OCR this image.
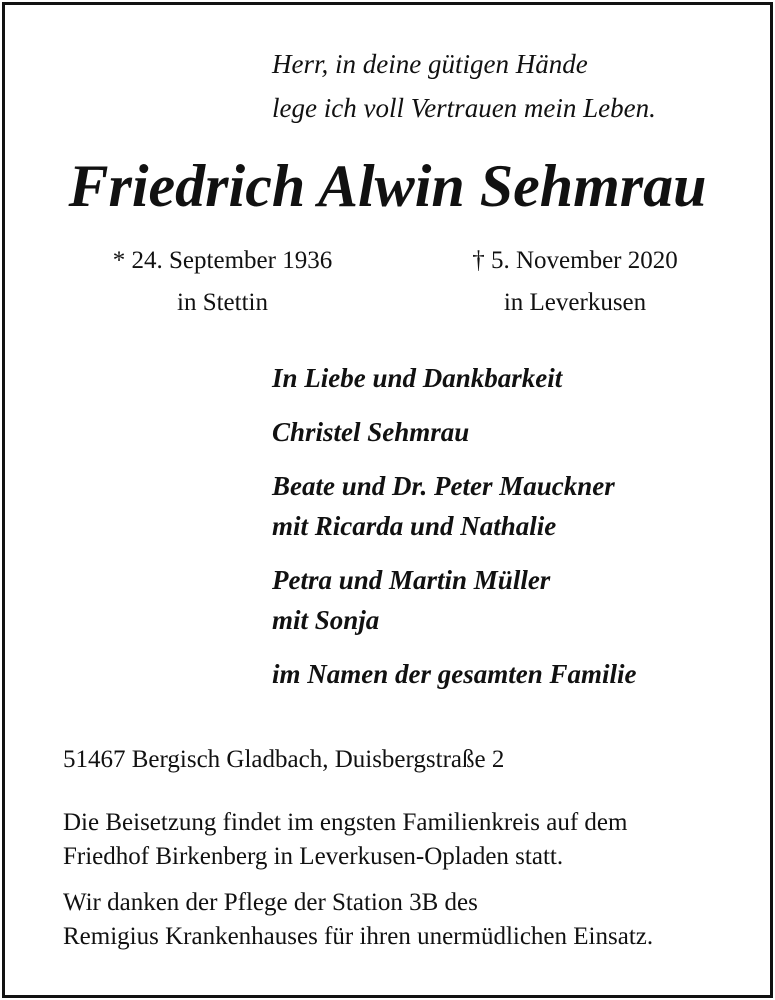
Herr, in deine gütigen Hände
lege ich voll Vertrauen mein Leben.
Friedrich Alwin Sehmrau
* 24. September 1936
in Stettin
† 5. November 2020
in Leverkusen
In Liebe und Dankbarkeit
Christel Sehmrau
Beate und Dr. Peter Mauckner
mit Ricarda und Nathalie
Petra und Martin Müller
mit Sonja
im Namen der gesamten Familie
51467 Bergisch Gladbach, Duisbergstraße 2

Die Beisetzung findet im engsten Familienkreis auf dem
Friedhof Birkenberg in Leverkusen-Opladen statt.

Wir danken der Pflege der Station 3B des
Remigius Krankenhauses für ihren unermüdlichen Einsatz.
